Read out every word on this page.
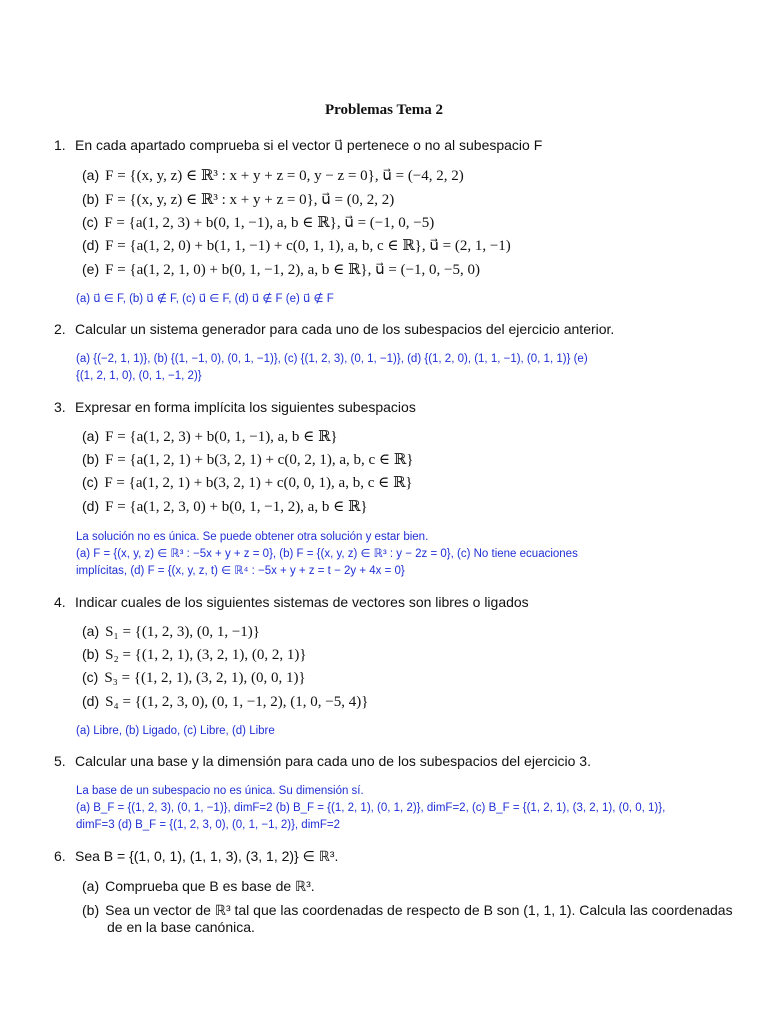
Problemas Tema 2
1. En cada apartado comprueba si el vector u⃗ pertenece o no al subespacio F
(a) F = {(x, y, z) ∈ ℝ³ : x + y + z = 0, y − z = 0}, u⃗ = (−4, 2, 2)
(b) F = {(x, y, z) ∈ ℝ³ : x + y + z = 0}, u⃗ = (0, 2, 2)
(c) F = {a(1, 2, 3) + b(0, 1, −1), a, b ∈ ℝ}, u⃗ = (−1, 0, −5)
(d) F = {a(1, 2, 0) + b(1, 1, −1) + c(0, 1, 1), a, b, c ∈ ℝ}, u⃗ = (2, 1, −1)
(e) F = {a(1, 2, 1, 0) + b(0, 1, −1, 2), a, b ∈ ℝ}, u⃗ = (−1, 0, −5, 0)
(a) u⃗ ∈ F, (b) u⃗ ∉ F, (c) u⃗ ∈ F, (d) u⃗ ∉ F (e) u⃗ ∉ F
2. Calcular un sistema generador para cada uno de los subespacios del ejercicio anterior.
(a) {(−2, 1, 1)}, (b) {(1, −1, 0), (0, 1, −1)}, (c) {(1, 2, 3), (0, 1, −1)}, (d) {(1, 2, 0), (1, 1, −1), (0, 1, 1)} (e)
{(1, 2, 1, 0), (0, 1, −1, 2)}
3. Expresar en forma implícita los siguientes subespacios
(a) F = {a(1, 2, 3) + b(0, 1, −1), a, b ∈ ℝ}
(b) F = {a(1, 2, 1) + b(3, 2, 1) + c(0, 2, 1), a, b, c ∈ ℝ}
(c) F = {a(1, 2, 1) + b(3, 2, 1) + c(0, 0, 1), a, b, c ∈ ℝ}
(d) F = {a(1, 2, 3, 0) + b(0, 1, −1, 2), a, b ∈ ℝ}
La solución no es única. Se puede obtener otra solución y estar bien.
(a) F = {(x, y, z) ∈ ℝ³ : −5x + y + z = 0}, (b) F = {(x, y, z) ∈ ℝ³ : y − 2z = 0}, (c) No tiene ecuaciones
implícitas, (d) F = {(x, y, z, t) ∈ ℝ⁴ : −5x + y + z = t − 2y + 4x = 0}
4. Indicar cuales de los siguientes sistemas de vectores son libres o ligados
(a) S₁ = {(1, 2, 3), (0, 1, −1)}
(b) S₂ = {(1, 2, 1), (3, 2, 1), (0, 2, 1)}
(c) S₃ = {(1, 2, 1), (3, 2, 1), (0, 0, 1)}
(d) S₄ = {(1, 2, 3, 0), (0, 1, −1, 2), (1, 0, −5, 4)}
(a) Libre, (b) Ligado, (c) Libre, (d) Libre
5. Calcular una base y la dimensión para cada uno de los subespacios del ejercicio 3.
La base de un subespacio no es única. Su dimensión sí.
(a) B_F = {(1, 2, 3), (0, 1, −1)}, dimF=2 (b) B_F = {(1, 2, 1), (0, 1, 2)}, dimF=2, (c) B_F = {(1, 2, 1), (3, 2, 1), (0, 0, 1)},
dimF=3 (d) B_F = {(1, 2, 3, 0), (0, 1, −1, 2)}, dimF=2
6. Sea B = {(1, 0, 1), (1, 1, 3), (3, 1, 2)} ∈ ℝ³.
(a) Comprueba que B es base de ℝ³.
(b) Sea un vector de ℝ³ tal que las coordenadas de respecto de B son (1, 1, 1). Calcula las coordenadas
de en la base canónica.
